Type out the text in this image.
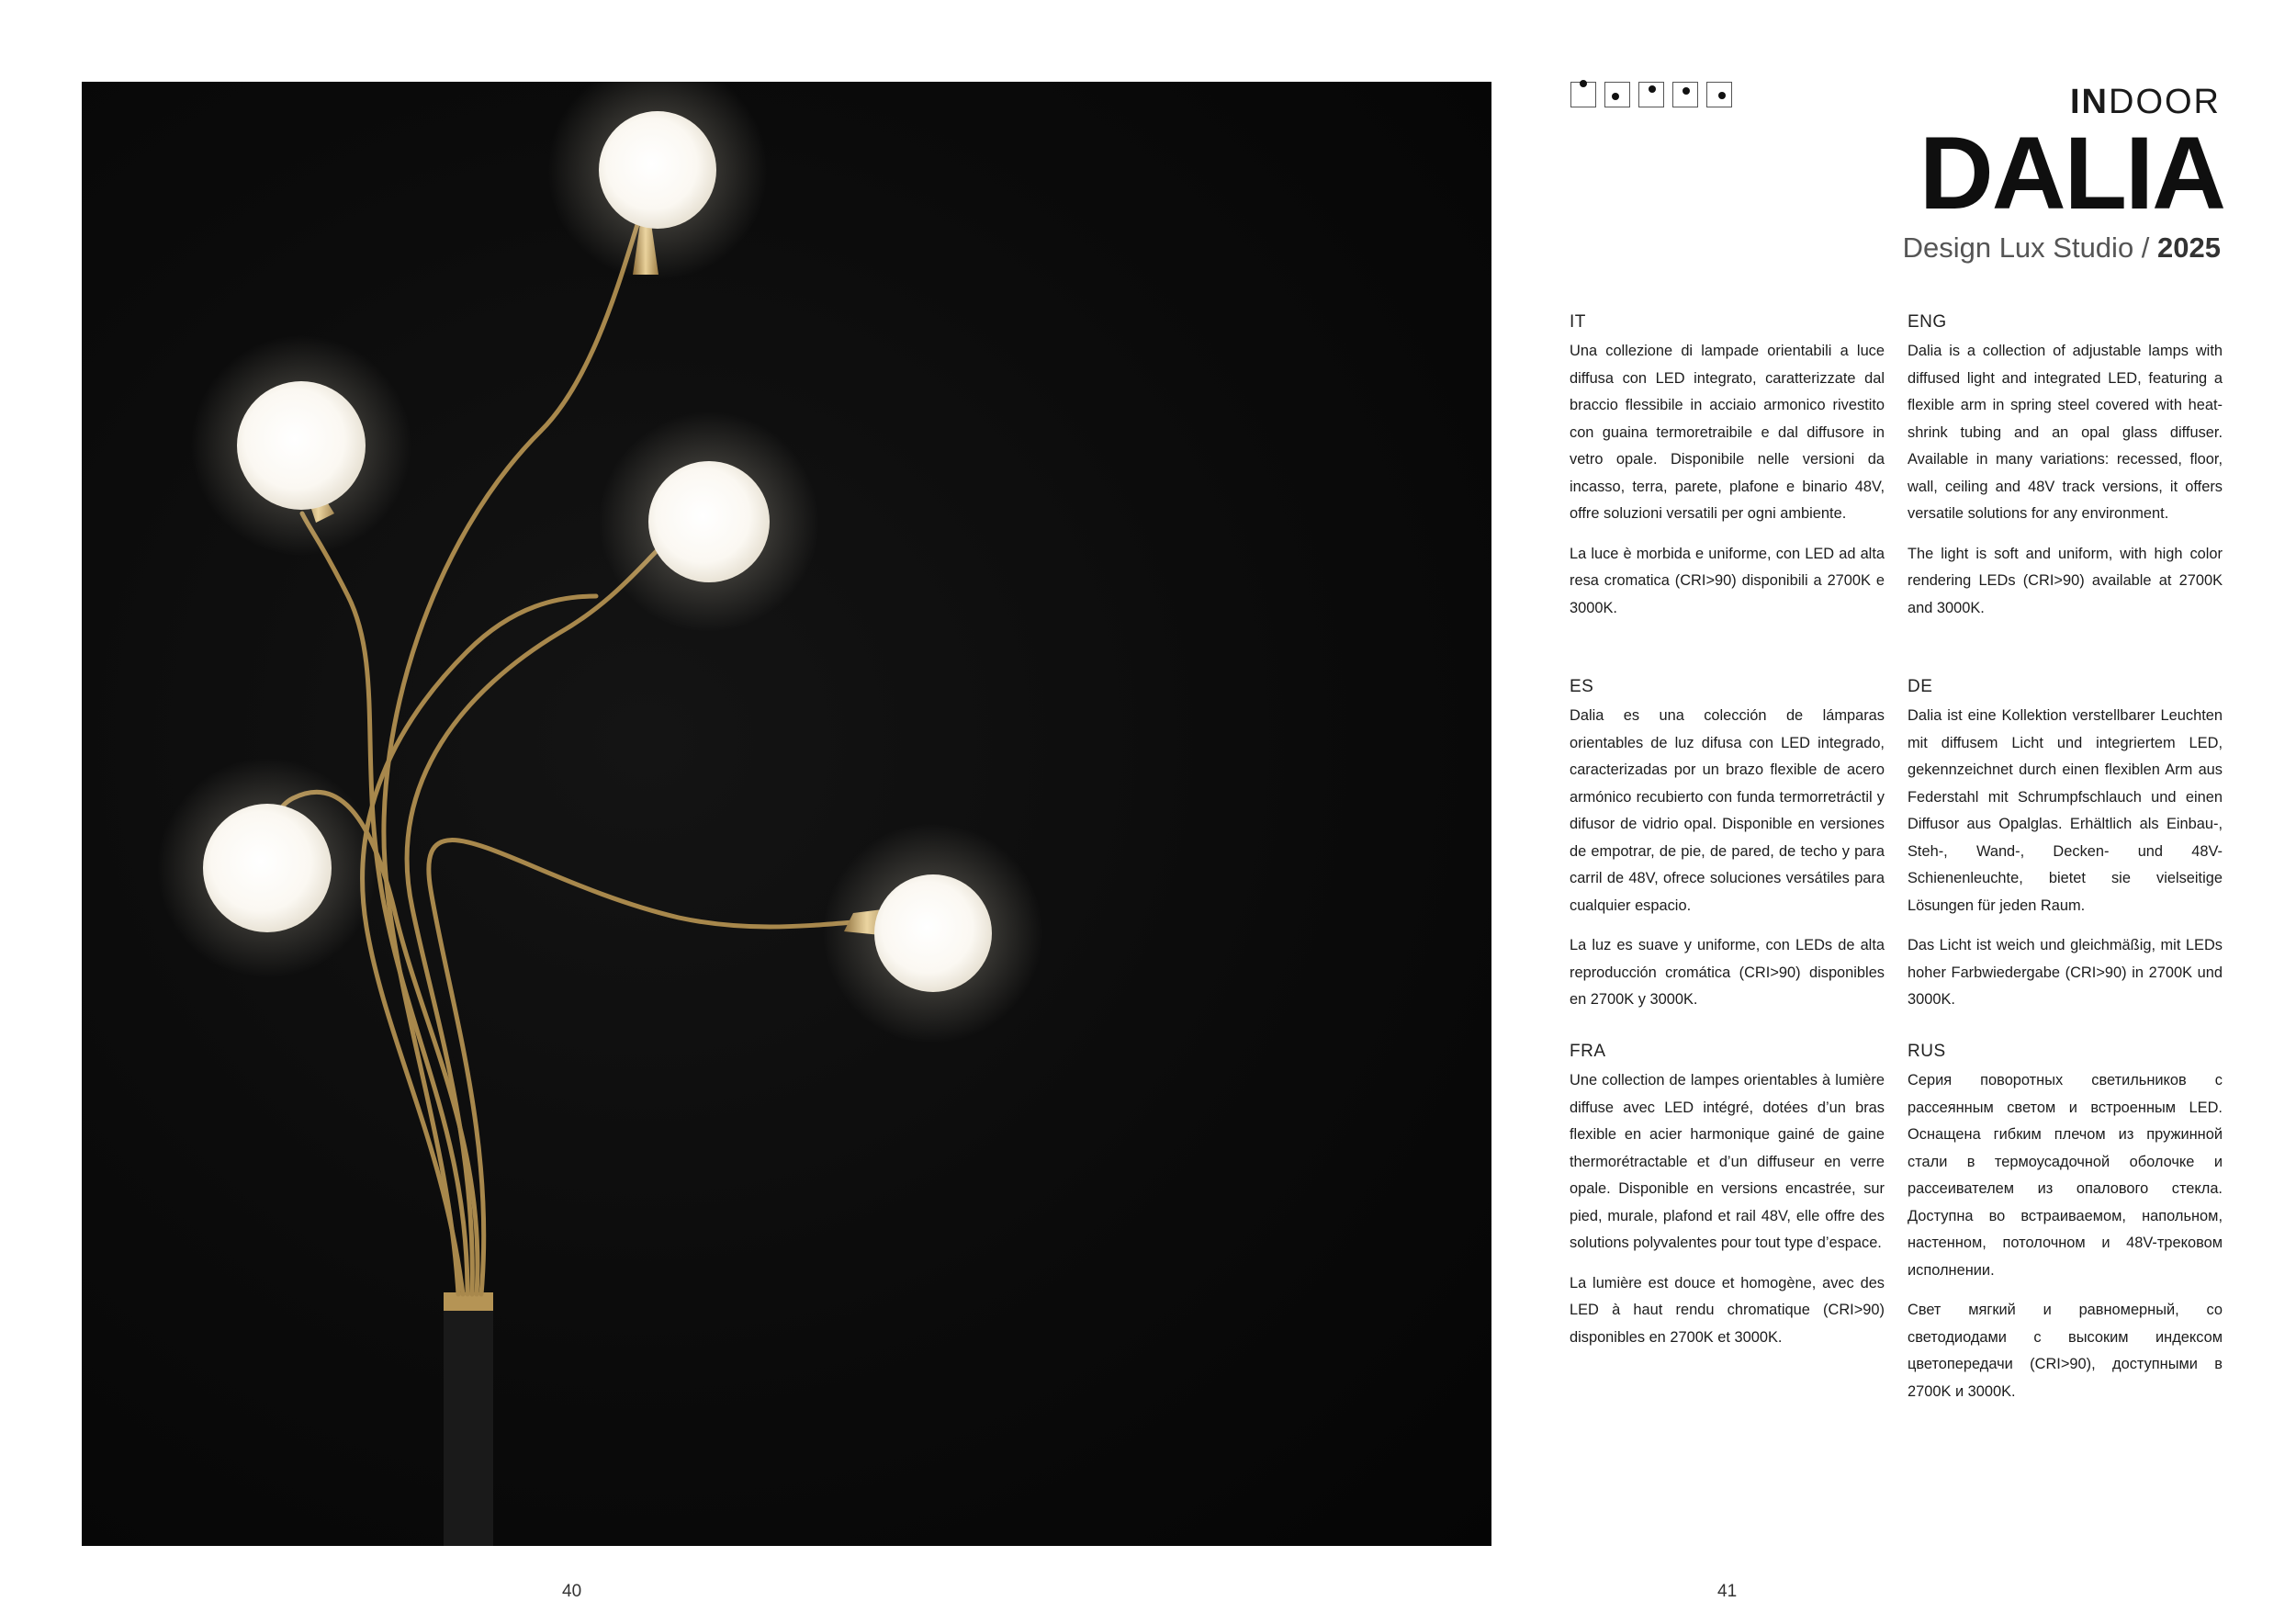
40	41
INDOOR
DALIA
Design Lux Studio / 2025
IT

Una collezione di lampade orientabili a luce diffusa con LED integrato, caratterizzate dal braccio flessibile in acciaio armonico rivestito con guaina termoretraibile e dal diffusore in vetro opale. Disponibile nelle versioni da incasso, terra, parete, plafone e binario 48V, offre soluzioni versatili per ogni ambiente.

La luce è morbida e uniforme, con LED ad alta resa cromatica (CRI>90) disponibili a 2700K e 3000K.

ENG

Dalia is a collection of adjustable lamps with diffused light and integrated LED, featuring a flexible arm in spring steel covered with heat-shrink tubing and an opal glass diffuser. Available in many variations: recessed, floor, wall, ceiling and 48V track versions, it offers versatile solutions for any environment.

The light is soft and uniform, with high color rendering LEDs (CRI>90) available at 2700K and 3000K.

ES

Dalia es una colección de lámparas orientables de luz difusa con LED integrado, caracterizadas por un brazo flexible de acero armónico recubierto con funda termorretráctil y difusor de vidrio opal. Disponible en versiones de empotrar, de pie, de pared, de techo y para carril de 48V, ofrece soluciones versátiles para cualquier espacio.

La luz es suave y uniforme, con LEDs de alta reproducción cromática (CRI>90) disponibles en 2700K y 3000K.

DE

Dalia ist eine Kollektion verstellbarer Leuchten mit diffusem Licht und integriertem LED, gekennzeichnet durch einen flexiblen Arm aus Federstahl mit Schrumpfschlauch und einen Diffusor aus Opalglas. Erhältlich als Einbau-, Steh-, Wand-, Decken- und 48V-Schienenleuchte, bietet sie vielseitige Lösungen für jeden Raum.

Das Licht ist weich und gleichmäßig, mit LEDs hoher Farbwiedergabe (CRI>90) in 2700K und 3000K.

FRA

Une collection de lampes orientables à lumière diffuse avec LED intégré, dotées d’un bras flexible en acier harmonique gainé de gaine thermorétractable et d’un diffuseur en verre opale. Disponible en versions encastrée, sur pied, murale, plafond et rail 48V, elle offre des solutions polyvalentes pour tout type d’espace.

La lumière est douce et homogène, avec des LED à haut rendu chromatique (CRI>90) disponibles en 2700K et 3000K.

RUS

Серия поворотных светильников с рассеянным светом и встроенным LED. Оснащена гибким плечом из пружинной стали в термоусадочной оболочке и рассеивателем из опалового стекла. Доступна во встраиваемом, напольном, настенном, потолочном и 48V-трековом исполнении.

Свет мягкий и равномерный, со светодиодами с высоким индексом цветопередачи (CRI>90), доступными в 2700K и 3000K.
